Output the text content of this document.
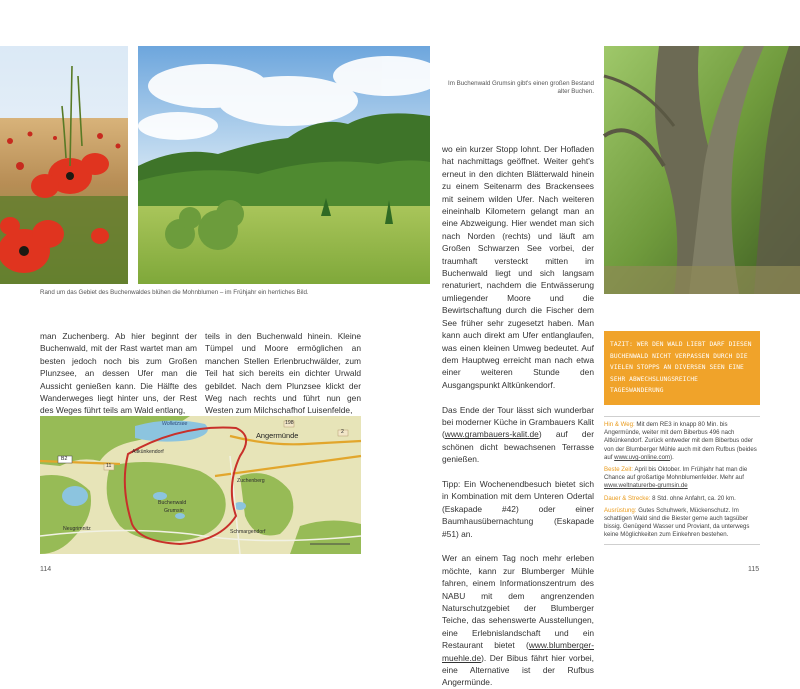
Rand um das Gebiet des Buchenwaldes blühen die Mohnblumen – im Frühjahr ein herrliches Bild.
man Zuchenberg. Ab hier beginnt der Buchenwald, mit der Rast wartet man am besten jedoch noch bis zum Großen Plunzsee, an dessen Ufer man die Aussicht genießen kann. Die Hälfte des Wanderweges liegt hinter uns, der Rest des Weges führt teils am Wald entlang,
teils in den Buchenwald hinein. Kleine Tümpel und Moore ermöglichen an manchen Stellen Erlenbruchwälder, zum Teil hat sich bereits ein dichter Urwald gebildet. Nach dem Plunzsee klickt der Weg nach rechts und führt nun gen Westen zum Milchschafhof Luisenfelde,
Wolletzsee
Angermünde
Altkünkendorf
Buchenwald
Grumsin
Zuchenberg
Schmargendorf
Neugrimnitz
B2
198
2
11
114
Im Buchenwald Grumsin gibt's einen großen Bestand alter Buchen.

wo ein kurzer Stopp lohnt. Der Hofladen hat nachmittags geöffnet. Weiter geht's erneut in den dichten Blätterwald hinein zu einem Seitenarm des Brackensees mit seinem wilden Ufer. Nach weiteren eineinhalb Kilometern gelangt man an eine Abzweigung. Hier wendet man sich nach Norden (rechts) und läuft am Großen Schwarzen See vorbei, der traumhaft versteckt mitten im Buchenwald liegt und sich langsam renaturiert, nachdem die Entwässerung umliegender Moore und die Bewirtschaftung durch die Fischer dem See früher sehr zugesetzt haben. Man kann auch direkt am Ufer entlanglaufen, was einen kleinen Umweg bedeutet. Auf dem Hauptweg erreicht man nach etwa einer weiteren Stunde den Ausgangspunkt Altkünkendorf.

Das Ende der Tour lässt sich wunderbar bei moderner Küche in Grambauers Kalit (www.grambauers-kalit.de) auf der schönen dicht bewachsenen Terrasse genießen.

Tipp: Ein Wochenendbesuch bietet sich in Kombination mit dem Unteren Odertal (Eskapade #42) oder einer Baumhausübernachtung (Eskapade #51) an.

Wer an einem Tag noch mehr erleben möchte, kann zur Blumberger Mühle fahren, einem Informationszentrum des NABU mit dem angrenzenden Naturschutzgebiet der Blumberger Teiche, das sehenswerte Ausstellungen, eine Erlebnislandschaft und ein Restaurant bietet (www.blumberger-muehle.de). Der Bibus fährt hier vorbei, eine Alternative ist der Rufbus Angermünde.

TAZIT: WER DEN WALD LIEBT DARF DIESEN BUCHENWALD NICHT VERPASSEN DURCH DIE VIELEN STOPPS AN DIVERSEN SEEN EINE SEHR ABWECHSLUNGSREICHE TAGESWANDERUNG

Hin & Weg: Mit dem RE3 in knapp 80 Min. bis Angermünde, weiter mit dem Biberbus 496 nach Altkünkendorf. Zurück entweder mit dem Biberbus oder von der Blumberger Mühle auch mit dem Rufbus (beides auf www.uvg-online.com).
Beste Zeit: April bis Oktober. Im Frühjahr hat man die Chance auf großartige Mohnblumenfelder. Mehr auf www.weltnaturerbe-grumsin.de
Dauer & Strecke: 8 Std. ohne Anfahrt, ca. 20 km.
Ausrüstung: Gutes Schuhwerk, Mückenschutz. Im schattigen Wald sind die Biester gerne auch tagsüber bissig. Genügend Wasser und Proviant, da unterwegs keine Möglichkeiten zum Einkehren bestehen.
115
